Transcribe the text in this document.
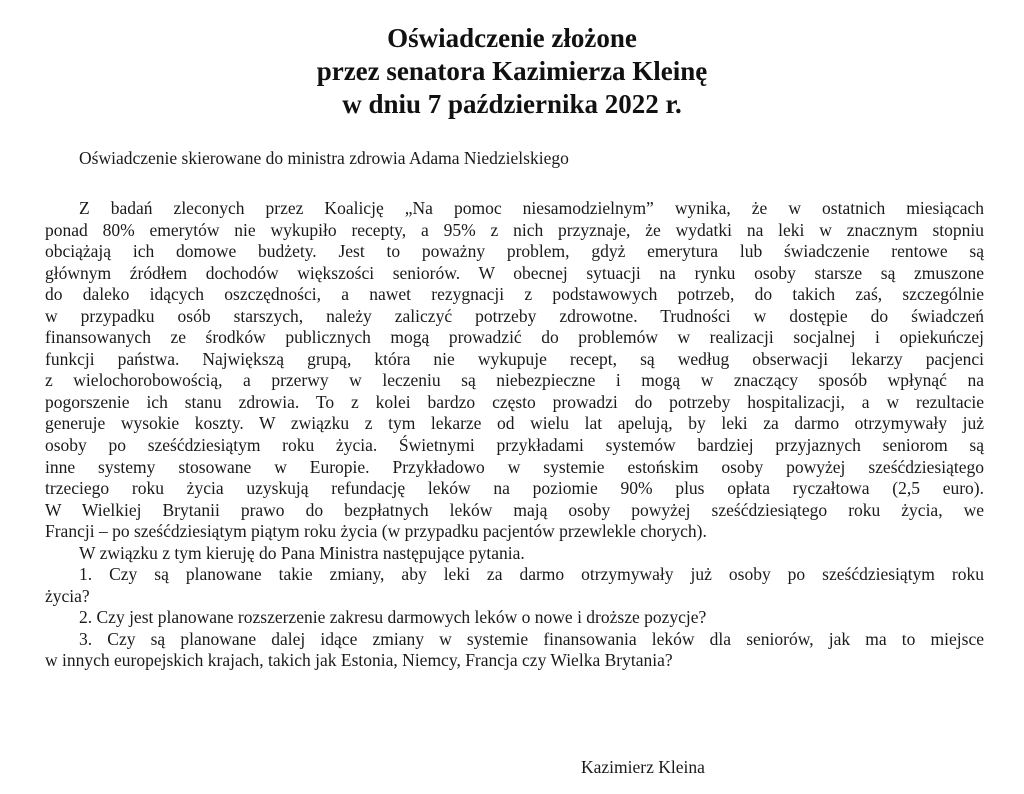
Oświadczenie złożone
przez senatora Kazimierza Kleinę
w dniu 7 października 2022 r.
Oświadczenie skierowane do ministra zdrowia Adama Niedzielskiego
Z badań zleconych przez Koalicję „Na pomoc niesamodzielnym” wynika, że w ostatnich miesiącach
ponad 80% emerytów nie wykupiło recepty, a 95% z nich przyznaje, że wydatki na leki w znacznym stopniu
obciążają ich domowe budżety. Jest to poważny problem, gdyż emerytura lub świadczenie rentowe są
głównym źródłem dochodów większości seniorów. W obecnej sytuacji na rynku osoby starsze są zmuszone
do daleko idących oszczędności, a nawet rezygnacji z podstawowych potrzeb, do takich zaś, szczególnie
w przypadku osób starszych, należy zaliczyć potrzeby zdrowotne. Trudności w dostępie do świadczeń
finansowanych ze środków publicznych mogą prowadzić do problemów w realizacji socjalnej i opiekuńczej
funkcji państwa. Największą grupą, która nie wykupuje recept, są według obserwacji lekarzy pacjenci
z wielochorobowością, a przerwy w leczeniu są niebezpieczne i mogą w znaczący sposób wpłynąć na
pogorszenie ich stanu zdrowia. To z kolei bardzo często prowadzi do potrzeby hospitalizacji, a w rezultacie
generuje wysokie koszty. W związku z tym lekarze od wielu lat apelują, by leki za darmo otrzymywały już
osoby po sześćdziesiątym roku życia. Świetnymi przykładami systemów bardziej przyjaznych seniorom są
inne systemy stosowane w Europie. Przykładowo w systemie estońskim osoby powyżej sześćdziesiątego
trzeciego roku życia uzyskują refundację leków na poziomie 90% plus opłata ryczałtowa (2,5 euro).
W Wielkiej Brytanii prawo do bezpłatnych leków mają osoby powyżej sześćdziesiątego roku życia, we
Francji – po sześćdziesiątym piątym roku życia (w przypadku pacjentów przewlekle chorych).
W związku z tym kieruję do Pana Ministra następujące pytania.
1. Czy są planowane takie zmiany, aby leki za darmo otrzymywały już osoby po sześćdziesiątym roku
życia?
2. Czy jest planowane rozszerzenie zakresu darmowych leków o nowe i droższe pozycje?
3. Czy są planowane dalej idące zmiany w systemie finansowania leków dla seniorów, jak ma to miejsce
w innych europejskich krajach, takich jak Estonia, Niemcy, Francja czy Wielka Brytania?
Kazimierz Kleina
